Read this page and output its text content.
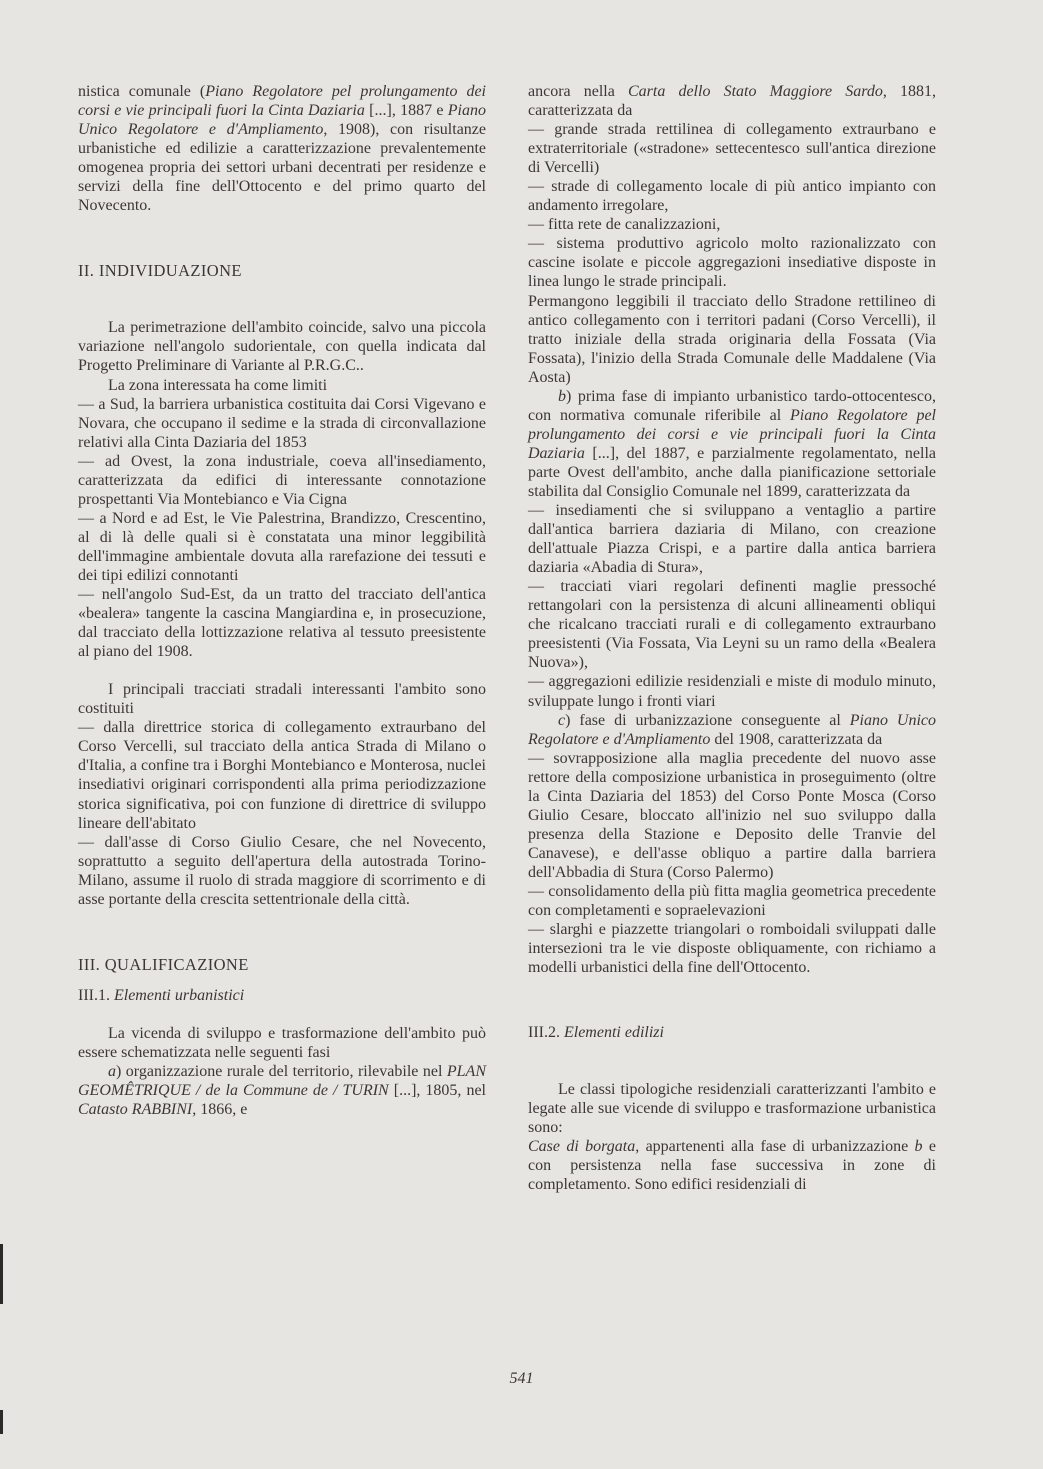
nistica comunale (Piano Regolatore pel prolungamento dei corsi e vie principali fuori la Cinta Daziaria [...], 1887 e Piano Unico Regolatore e d'Ampliamento, 1908), con risultanze urbanistiche ed edilizie a caratterizzazione prevalentemente omogenea propria dei settori urbani decentrati per residenze e servizi della fine dell'Ottocento e del primo quarto del Novecento.

II. INDIVIDUAZIONE

La perimetrazione dell'ambito coincide, salvo una piccola variazione nell'angolo sudorientale, con quella indicata dal Progetto Preliminare di Variante al P.R.G.C..

La zona interessata ha come limiti

— a Sud, la barriera urbanistica costituita dai Corsi Vigevano e Novara, che occupano il sedime e la strada di circonvallazione relativi alla Cinta Daziaria del 1853

— ad Ovest, la zona industriale, coeva all'insediamento, caratterizzata da edifici di interessante connotazione prospettanti Via Montebianco e Via Cigna

— a Nord e ad Est, le Vie Palestrina, Brandizzo, Crescentino, al di là delle quali si è constatata una minor leggibilità dell'immagine ambientale dovuta alla rarefazione dei tessuti e dei tipi edilizi connotanti

— nell'angolo Sud-Est, da un tratto del tracciato dell'antica «bealera» tangente la cascina Mangiardina e, in prosecuzione, dal tracciato della lottizzazione relativa al tessuto preesistente al piano del 1908.

I principali tracciati stradali interessanti l'ambito sono costituiti

— dalla direttrice storica di collegamento extraurbano del Corso Vercelli, sul tracciato della antica Strada di Milano o d'Italia, a confine tra i Borghi Montebianco e Monterosa, nuclei insediativi originari corrispondenti alla prima periodizzazione storica significativa, poi con funzione di direttrice di sviluppo lineare dell'abitato

— dall'asse di Corso Giulio Cesare, che nel Novecento, soprattutto a seguito dell'apertura della autostrada Torino-Milano, assume il ruolo di strada maggiore di scorrimento e di asse portante della crescita settentrionale della città.

III. QUALIFICAZIONE

III.1. Elementi urbanistici

La vicenda di sviluppo e trasformazione dell'ambito può essere schematizzata nelle seguenti fasi

a) organizzazione rurale del territorio, rilevabile nel PLAN GEOMÊTRIQUE / de la Commune de / TURIN [...], 1805, nel Catasto RABBINI, 1866, e

ancora nella Carta dello Stato Maggiore Sardo, 1881, caratterizzata da

— grande strada rettilinea di collegamento extraurbano e extraterritoriale («stradone» settecentesco sull'antica direzione di Vercelli)

— strade di collegamento locale di più antico impianto con andamento irregolare,

— fitta rete de canalizzazioni,

— sistema produttivo agricolo molto razionalizzato con cascine isolate e piccole aggregazioni insediative disposte in linea lungo le strade principali.

Permangono leggibili il tracciato dello Stradone rettilineo di antico collegamento con i territori padani (Corso Vercelli), il tratto iniziale della strada originaria della Fossata (Via Fossata), l'inizio della Strada Comunale delle Maddalene (Via Aosta)

b) prima fase di impianto urbanistico tardo-ottocentesco, con normativa comunale riferibile al Piano Regolatore pel prolungamento dei corsi e vie principali fuori la Cinta Daziaria [...], del 1887, e parzialmente regolamentato, nella parte Ovest dell'ambito, anche dalla pianificazione settoriale stabilita dal Consiglio Comunale nel 1899, caratterizzata da

— insediamenti che si sviluppano a ventaglio a partire dall'antica barriera daziaria di Milano, con creazione dell'attuale Piazza Crispi, e a partire dalla antica barriera daziaria «Abadia di Stura»,

— tracciati viari regolari definenti maglie pressoché rettangolari con la persistenza di alcuni allineamenti obliqui che ricalcano tracciati rurali e di collegamento extraurbano preesistenti (Via Fossata, Via Leyni su un ramo della «Bealera Nuova»),

— aggregazioni edilizie residenziali e miste di modulo minuto, sviluppate lungo i fronti viari

c) fase di urbanizzazione conseguente al Piano Unico Regolatore e d'Ampliamento del 1908, caratterizzata da

— sovrapposizione alla maglia precedente del nuovo asse rettore della composizione urbanistica in proseguimento (oltre la Cinta Daziaria del 1853) del Corso Ponte Mosca (Corso Giulio Cesare, bloccato all'inizio nel suo sviluppo dalla presenza della Stazione e Deposito delle Tranvie del Canavese), e dell'asse obliquo a partire dalla barriera dell'Abbadia di Stura (Corso Palermo)

— consolidamento della più fitta maglia geometrica precedente con completamenti e sopraelevazioni

— slarghi e piazzette triangolari o romboidali sviluppati dalle intersezioni tra le vie disposte obliquamente, con richiamo a modelli urbanistici della fine dell'Ottocento.

III.2. Elementi edilizi

Le classi tipologiche residenziali caratterizzanti l'ambito e legate alle sue vicende di sviluppo e trasformazione urbanistica sono:

Case di borgata, appartenenti alla fase di urbanizzazione b e con persistenza nella fase successiva in zone di completamento. Sono edifici residenziali di

541
